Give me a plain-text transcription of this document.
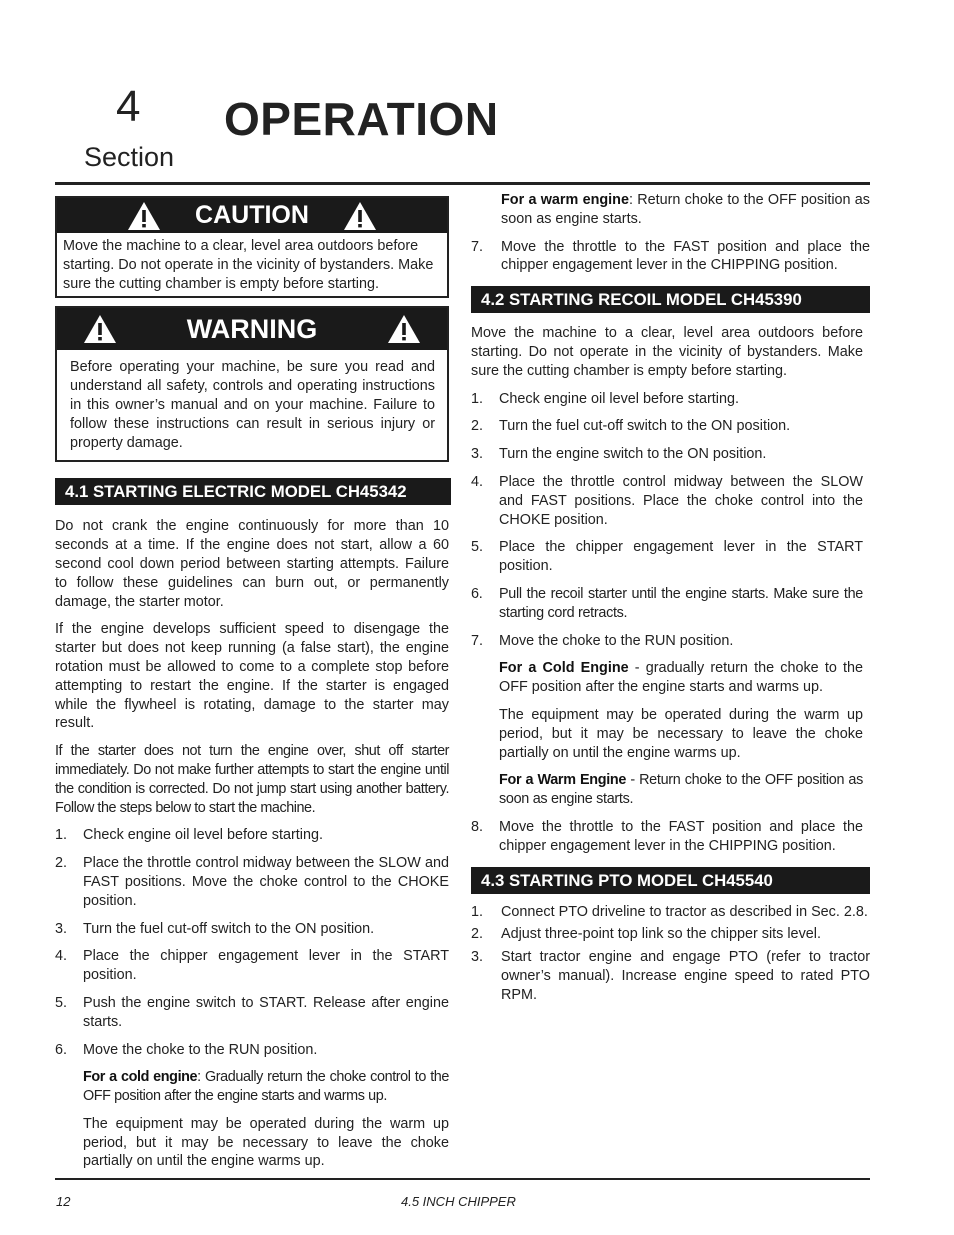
4
Section
OPERATION
CAUTION
Move the machine to a clear, level area outdoors before starting. Do not operate in the vicinity of bystanders. Make sure the cutting chamber is empty before starting.
WARNING
Before operating your machine, be sure you read and understand all safety, controls and operating instructions in this owner’s manual and on your machine. Failure to follow these instructions can result in serious injury or property damage.
4.1 STARTING ELECTRIC MODEL CH45342

Do not crank the engine continuously for more than 10 seconds at a time. If the engine does not start, allow a 60 second cool down period between starting attempts. Failure to follow these guidelines can burn out, or permanently damage, the starter motor.

If the engine develops sufficient speed to disengage the starter but does not keep running (a false start), the engine rotation must be allowed to come to a complete stop before attempting to restart the engine. If the starter is engaged while the flywheel is rotating, damage to the starter may result.

If the starter does not turn the engine over, shut off starter immediately. Do not make further attempts to start the engine until the condition is corrected. Do not jump start using another battery. Follow the steps below to start the machine.

1. Check engine oil level before starting.
2. Place the throttle control midway between the SLOW and FAST positions. Move the choke control to the CHOKE position.
3. Turn the fuel cut-off switch to the ON position.
4. Place the chipper engagement lever in the START position.
5. Push the engine switch to START. Release after engine starts.
6. Move the choke to the RUN position.
For a cold engine: Gradually return the choke control to the OFF position after the engine starts and warms up.
The equipment may be operated during the warm up period, but it may be necessary to leave the choke partially on until the engine warms up.
For a warm engine: Return choke to the OFF position as soon as engine starts.
7. Move the throttle to the FAST position and place the chipper engagement lever in the CHIPPING position.
4.2 STARTING RECOIL MODEL CH45390

Move the machine to a clear, level area outdoors before starting. Do not operate in the vicinity of bystanders. Make sure the cutting chamber is empty before starting.

1. Check engine oil level before starting.
2. Turn the fuel cut-off switch to the ON position.
3. Turn the engine switch to the ON position.
4. Place the throttle control midway between the SLOW and FAST positions. Place the choke control into the CHOKE position.
5. Place the chipper engagement lever in the START position.
6. Pull the recoil starter until the engine starts. Make sure the starting cord retracts.
7. Move the choke to the RUN position.
For a Cold Engine - gradually return the choke to the OFF position after the engine starts and warms up.
The equipment may be operated during the warm up period, but it may be necessary to leave the choke partially on until the engine warms up.
For a Warm Engine - Return choke to the OFF position as soon as engine starts.
8. Move the throttle to the FAST position and place the chipper engagement lever in the CHIPPING position.
4.3 STARTING PTO MODEL CH45540
1. Connect PTO driveline to tractor as described in Sec. 2.8.
2. Adjust three-point top link so the chipper sits level.
3. Start tractor engine and engage PTO (refer to tractor owner’s manual). Increase engine speed to rated PTO RPM.
12	4.5 INCH CHIPPER
